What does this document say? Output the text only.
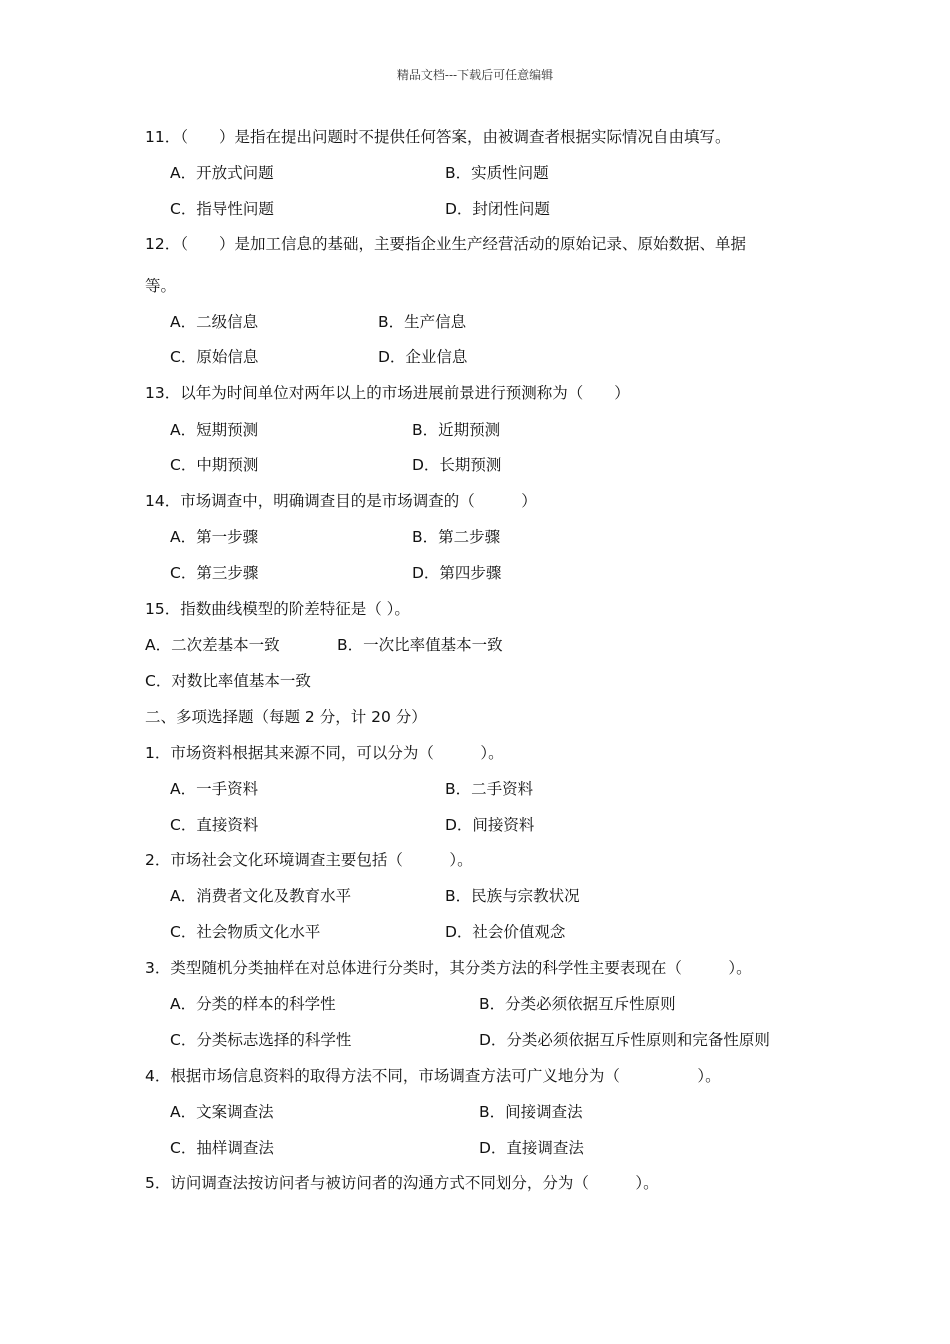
精品文档---下载后可任意编辑
11．（　　）是指在提出问题时不提供任何答案，由被调查者根据实际情况自由填写。
A．开放式问题	B．实质性问题
C．指导性问题	D．封闭性问题
12．（　　）是加工信息的基础，主要指企业生产经营活动的原始记录、原始数据、单据
等。
A．二级信息	B．生产信息
C．原始信息	D．企业信息
13．以年为时间单位对两年以上的市场进展前景进行预测称为（　　）
A．短期预测	B．近期预测
C．中期预测	D．长期预测
14．市场调查中，明确调查目的是市场调查的（　　　）
A．第一步骤	B．第二步骤
C．第三步骤	D．第四步骤
15．指数曲线模型的阶差特征是（ ）。
A．二次差基本一致	B．一次比率值基本一致
C．对数比率值基本一致
二、多项选择题（每题 2 分，计 20 分）
1．市场资料根据其来源不同，可以分为（　　　）。
A．一手资料	B．二手资料
C．直接资料	D．间接资料
2．市场社会文化环境调查主要包括（　　　）。
A．消费者文化及教育水平	B．民族与宗教状况
C．社会物质文化水平	D．社会价值观念
3．类型随机分类抽样在对总体进行分类时，其分类方法的科学性主要表现在（　　　）。
A．分类的样本的科学性	B．分类必须依据互斥性原则
C．分类标志选择的科学性	D．分类必须依据互斥性原则和完备性原则
4．根据市场信息资料的取得方法不同，市场调查方法可广义地分为（　　　　　）。
A．文案调查法	B．间接调查法
C．抽样调查法	D．直接调查法
5．访问调查法按访问者与被访问者的沟通方式不同划分，分为（　　　）。
